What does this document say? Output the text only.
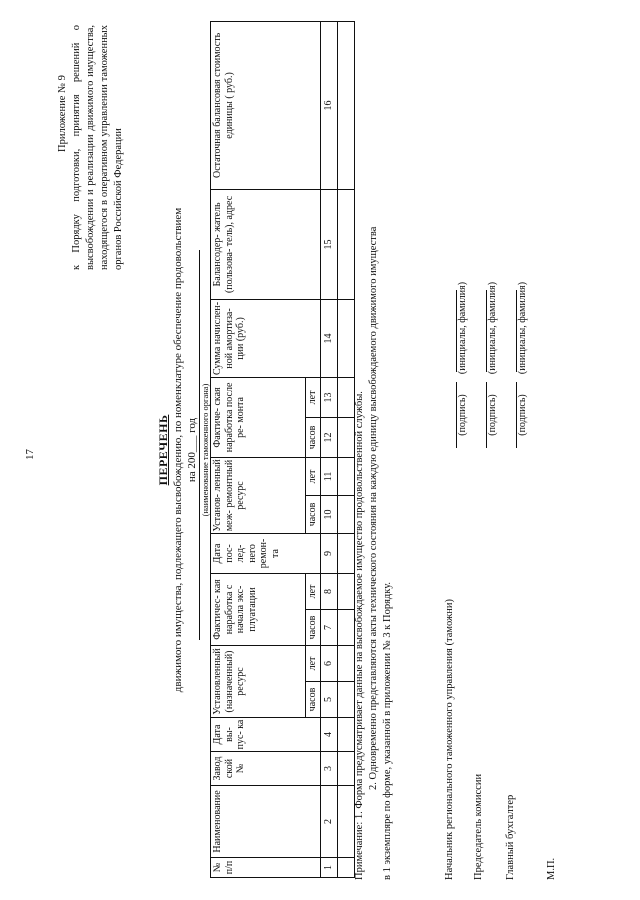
17
Приложение № 9 к Порядку подготовки, принятия решений о высвобождении и реализации движимого имущества, находящегося в оперативном управлении таможенных органов Российской Федерации
ПЕРЕЧЕНЬ движимого имущества, подлежащего высвобождению, по номенклатуре обеспечение продовольствием на 200___ год (наименование таможенного органа)
№ п/п	Наименование	Завод ской №	Дата вы- пус- ка	Установленный (назначенный) ресурс		Фактичес- кая наработка с начала экс- плуатации		Дата пос- лед- него ремон- та	Установ- ленный меж- ремонтный ресурс		Фактиче- ская наработка после ре- монта		Сумма начислен- ной амортиза- ции (руб.)	Балансодер- жатель (пользова- тель), адрес	Остаточная балансовая стоимость единицы ( руб.)
				часов	лет	часов	лет		часов	лет	часов	лет			
1	2	3	4	5	6	7	8	9	10	11	12	13	14	15	16

Примечание: 1. Форма предусматривает данные на высвобождаемое имущество продовольственной службы. 2. Одновременно представляются акты технического состояния на каждую единицу высвобождаемого движимого имущества в 1 экземпляре по форме, указанной в приложении № 3 к Порядку.	Начальник регионального таможенного управления (таможни)
(подпись)
(инициалы, фамилия)
Председатель комиссии
(подпись)
(инициалы, фамилия)
Главный бухгалтер
(подпись)
(инициалы, фамилия)
М.П.
